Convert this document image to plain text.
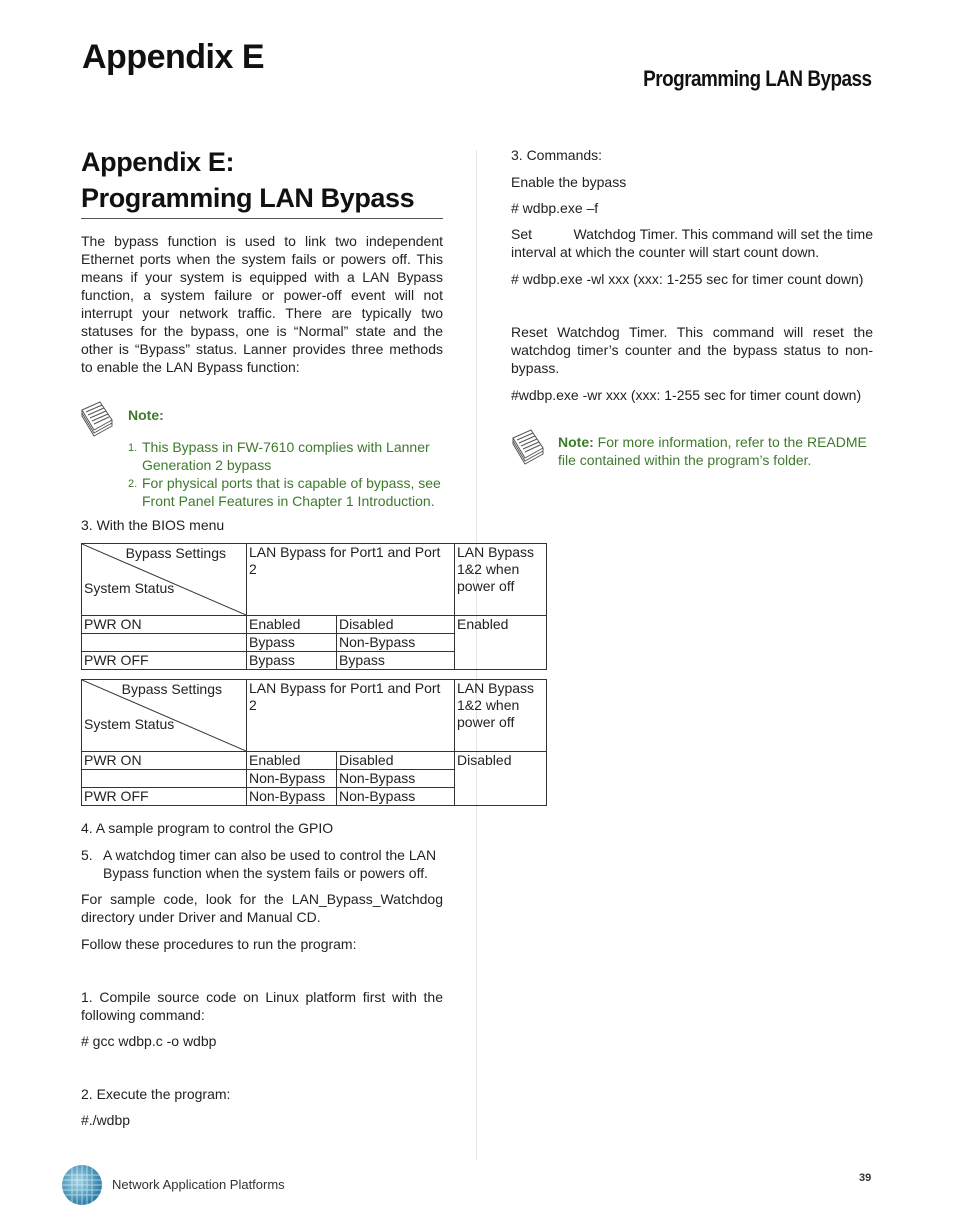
Appendix E
Programming LAN Bypass
Appendix E:
Programming LAN Bypass
The bypass function is used to link two independent Ethernet ports when the system fails or powers off. This means if your system is equipped with a LAN Bypass function, a system failure or power-off event will not interrupt your network traffic. There are typically two statuses for the bypass, one is “Normal” state and the other is “Bypass” status. Lanner provides three methods to enable the LAN Bypass function:
Note:
1. This Bypass in FW-7610 complies with Lanner Generation 2 bypass
2. For physical ports that is capable of bypass, see Front Panel Features in Chapter 1 Introduction.
3. With the BIOS menu
Bypass Settings
System Status	LAN Bypass for Port1 and Port 2		LAN Bypass 1&2 when power off
PWR ON	Enabled	Disabled	Enabled
	Bypass	Non-Bypass	
PWR OFF	Bypass	Bypass	
Bypass Settings
System Status	LAN Bypass for Port1 and Port 2		LAN Bypass 1&2 when power off
PWR ON	Enabled	Disabled	Disabled
	Non-Bypass	Non-Bypass	
PWR OFF	Non-Bypass	Non-Bypass	
4. A sample program to control the GPIO
5. A watchdog timer can also be used to control the LAN Bypass function when the system fails or powers off.
For sample code, look for the LAN_Bypass_Watchdog directory under Driver and Manual CD.
Follow these procedures to run the program:
1. Compile source code on Linux platform first with the following command:
# gcc wdbp.c -o wdbp
2. Execute the program:
#./wdbp
3. Commands:
Enable the bypass
# wdbp.exe –f
Set	Watchdog Timer. This command will set the time
interval at which the counter will start count down.
# wdbp.exe -wl xxx (xxx: 1-255 sec for timer count down)
Reset Watchdog Timer. This command will reset the watchdog timer’s counter and the bypass status to non-bypass.
#wdbp.exe -wr xxx (xxx: 1-255 sec for timer count down)
Note: For more information, refer to the README file contained within the program’s folder.
Network Application Platforms	39
